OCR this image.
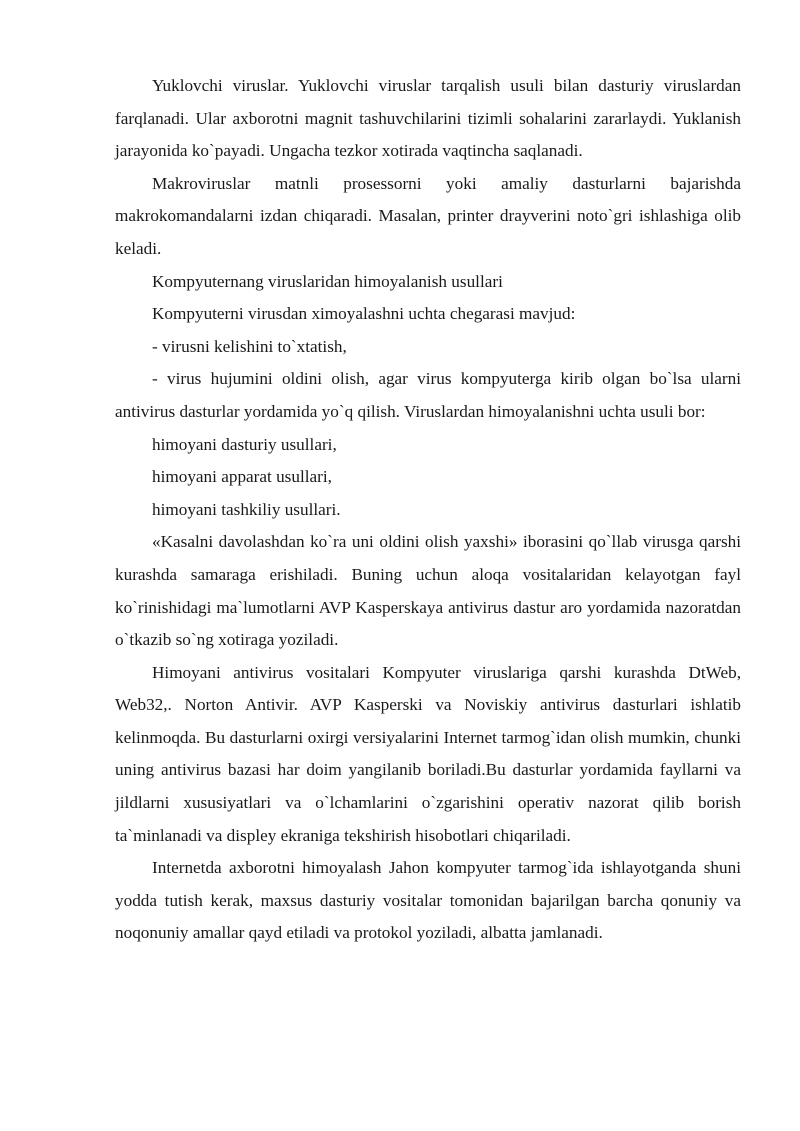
Yuklovchi viruslar. Yuklovchi viruslar tarqalish usuli bilan dasturiy viruslardan farqlanadi. Ular axborotni magnit tashuvchilarini tizimli sohalarini zararlaydi. Yuklanish jarayonida ko`payadi. Ungacha tezkor xotirada vaqtincha saqlanadi.

Makroviruslar matnli prosessorni yoki amaliy dasturlarni bajarishda makrokomandalarni izdan chiqaradi. Masalan, printer drayverini noto`gri ishlashiga olib keladi.

Kompyuternang viruslaridan himoyalanish usullari

Kompyuterni virusdan ximoyalashni uchta chegarasi mavjud:

- virusni kelishini to`xtatish,

- virus hujumini oldini olish, agar virus kompyuterga kirib olgan bo`lsa ularni antivirus dasturlar yordamida yo`q qilish. Viruslardan himoyalanishni uchta usuli bor:

himoyani dasturiy usullari,

himoyani apparat usullari,

himoyani tashkiliy usullari.

«Kasalni davolashdan ko`ra uni oldini olish yaxshi» iborasini qo`llab virusga qarshi kurashda samaraga erishiladi. Buning uchun aloqa vositalaridan kelayotgan fayl ko`rinishidagi ma`lumotlarni AVP Kasperskaya antivirus dastur aro yordamida nazoratdan o`tkazib so`ng xotiraga yoziladi.

Himoyani antivirus vositalari Kompyuter viruslariga qarshi kurashda DtWeb, Web32,. Norton Antivir. AVP Kasperski va Noviskiy antivirus dasturlari ishlatib kelinmoqda. Bu dasturlarni oxirgi versiyalarini Internet tarmog`idan olish mumkin, chunki uning antivirus bazasi har doim yangilanib boriladi.Bu dasturlar yordamida fayllarni va jildlarni xususiyatlari va o`lchamlarini o`zgarishini operativ nazorat qilib borish ta`minlanadi va displey ekraniga tekshirish hisobotlari chiqariladi.

Internetda axborotni himoyalash Jahon kompyuter tarmog`ida ishlayotganda shuni yodda tutish kerak, maxsus dasturiy vositalar tomonidan bajarilgan barcha qonuniy va noqonuniy amallar qayd etiladi va protokol yoziladi, albatta jamlanadi.
